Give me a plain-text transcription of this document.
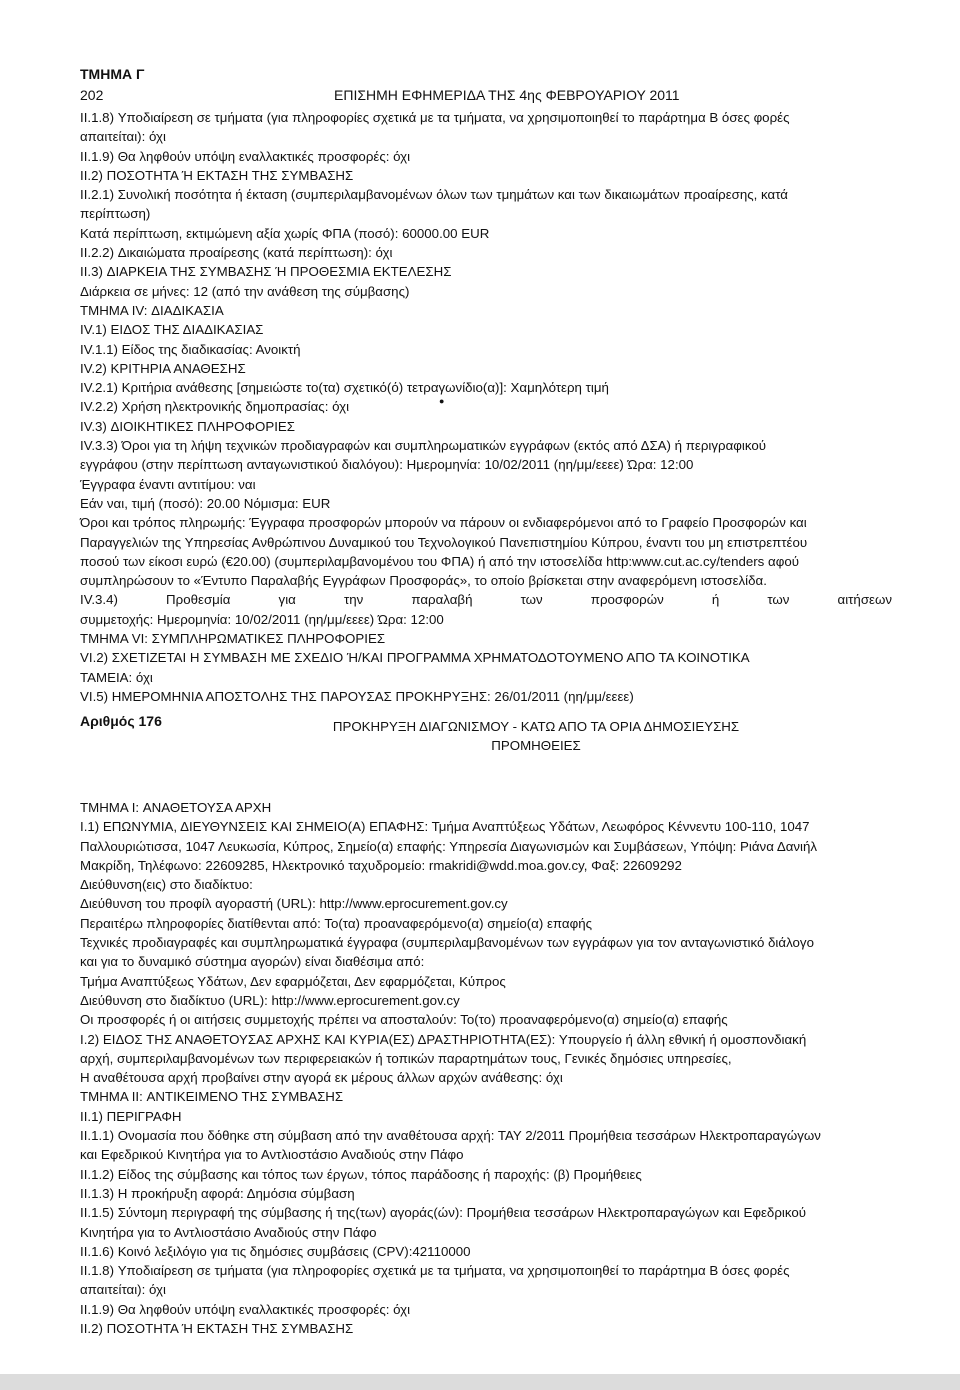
ΤΜΗΜΑ Γ
202	ΕΠΙΣΗΜΗ ΕΦΗΜΕΡΙΔΑ ΤΗΣ 4ης ΦΕΒΡΟΥΑΡΙΟΥ 2011

II.1.8) Υποδιαίρεση σε τμήματα (για πληροφορίες σχετικά με τα τμήματα, να χρησιμοποιηθεί το παράρτημα Β όσες φορές

απαιτείται): όχι

II.1.9) Θα ληφθούν υπόψη εναλλακτικές προσφορές: όχι

II.2) ΠΟΣΟΤΗΤΑ Ή ΕΚΤΑΣΗ ΤΗΣ ΣΥΜΒΑΣΗΣ

II.2.1) Συνολική ποσότητα ή έκταση (συμπεριλαμβανομένων όλων των τμημάτων και των δικαιωμάτων προαίρεσης, κατά

περίπτωση)

Κατά περίπτωση, εκτιμώμενη αξία χωρίς ΦΠΑ (ποσό): 60000.00 EUR

II.2.2) Δικαιώματα προαίρεσης (κατά περίπτωση): όχι

II.3) ΔΙΑΡΚΕΙΑ ΤΗΣ ΣΥΜΒΑΣΗΣ Ή ΠΡΟΘΕΣΜΙΑ ΕΚΤΕΛΕΣΗΣ

Διάρκεια σε μήνες: 12 (από την ανάθεση της σύμβασης)

ΤΜΗΜΑ IV: ΔΙΑΔΙΚΑΣΙΑ

IV.1) ΕΙΔΟΣ ΤΗΣ ΔΙΑΔΙΚΑΣΙΑΣ

IV.1.1) Είδος της διαδικασίας: Ανοικτή

IV.2) ΚΡΙΤΗΡΙΑ ΑΝΑΘΕΣΗΣ

IV.2.1) Κριτήρια ανάθεσης [σημειώστε το(τα) σχετικό(ό) τετραγωνίδιο(α)]: Χαμηλότερη τιμή

IV.2.2) Χρήση ηλεκτρονικής δημοπρασίας: όχι

IV.3) ΔΙΟΙΚΗΤΙΚΕΣ ΠΛΗΡΟΦΟΡΙΕΣ

IV.3.3) Όροι για τη λήψη τεχνικών προδιαγραφών και συμπληρωματικών εγγράφων (εκτός από ΔΣΑ) ή περιγραφικού

εγγράφου (στην περίπτωση ανταγωνιστικού διαλόγου): Ημερομηνία: 10/02/2011 (ηη/μμ/εεεε) Ώρα: 12:00

Έγγραφα έναντι αντιτίμου: ναι

Εάν ναι, τιμή (ποσό): 20.00 Νόμισμα: EUR

Όροι και τρόπος πληρωμής: Έγγραφα προσφορών μπορούν να πάρουν οι ενδιαφερόμενοι από το Γραφείο Προσφορών και

Παραγγελιών της Υπηρεσίας Ανθρώπινου Δυναμικού του Τεχνολογικού Πανεπιστημίου Κύπρου, έναντι του μη επιστρεπτέου

ποσού των είκοσι ευρώ (€20.00) (συμπεριλαμβανομένου του ΦΠΑ) ή από την ιστοσελίδα http:www.cut.ac.cy/tenders αφού

συμπληρώσουν το «Έντυπο Παραλαβής Εγγράφων Προσφοράς», το οποίο βρίσκεται στην αναφερόμενη ιστοσελίδα.

IV.3.4) Προθεσμία για την παραλαβή των προσφορών ή των αιτήσεων

συμμετοχής: Ημερομηνία: 10/02/2011 (ηη/μμ/εεεε) Ώρα: 12:00

ΤΜΗΜΑ VI: ΣΥΜΠΛΗΡΩΜΑΤΙΚΕΣ ΠΛΗΡΟΦΟΡΙΕΣ

VI.2) ΣΧΕΤΙΖΕΤΑΙ Η ΣΥΜΒΑΣΗ ΜΕ ΣΧΕΔΙΟ Ή/ΚΑΙ ΠΡΟΓΡΑΜΜΑ ΧΡΗΜΑΤΟΔΟΤΟΥΜΕΝΟ ΑΠΟ ΤΑ ΚΟΙΝΟΤΙΚΑ

ΤΑΜΕΙΑ: όχι

VI.5) ΗΜΕΡΟΜΗΝΙΑ ΑΠΟΣΤΟΛΗΣ ΤΗΣ ΠΑΡΟΥΣΑΣ ΠΡΟΚΗΡΥΞΗΣ: 26/01/2011 (ηη/μμ/εεεε)

●
Αριθμός 176	ΠΡΟΚΗΡΥΞΗ ΔΙΑΓΩΝΙΣΜΟΥ - ΚΑΤΩ ΑΠΟ ΤΑ ΟΡΙΑ ΔΗΜΟΣΙΕΥΣΗΣ

ΠΡΟΜΗΘΕΙΕΣ

ΤΜΗΜΑ I: ΑΝΑΘΕΤΟΥΣΑ ΑΡΧΗ

I.1) ΕΠΩΝΥΜΙΑ, ΔΙΕΥΘΥΝΣΕΙΣ ΚΑΙ ΣΗΜΕΙΟ(Α) ΕΠΑΦΗΣ: Τμήμα Αναπτύξεως Υδάτων, Λεωφόρος Κέννεντυ 100-110, 1047

Παλλουριώτισσα, 1047 Λευκωσία, Κύπρος, Σημείο(α) επαφής: Υπηρεσία Διαγωνισμών και Συμβάσεων, Υπόψη: Ριάνα Δανιήλ

Μακρίδη, Τηλέφωνο: 22609285, Ηλεκτρονικό ταχυδρομείο: rmakridi@wdd.moa.gov.cy, Φαξ: 22609292

Διεύθυνση(εις) στο διαδίκτυο:

Διεύθυνση του προφίλ αγοραστή (URL): http://www.eprocurement.gov.cy

Περαιτέρω πληροφορίες διατίθενται από: Το(τα) προαναφερόμενο(α) σημείο(α) επαφής

Τεχνικές προδιαγραφές και συμπληρωματικά έγγραφα (συμπεριλαμβανομένων των εγγράφων για τον ανταγωνιστικό διάλογο

και για το δυναμικό σύστημα αγορών) είναι διαθέσιμα από:

Τμήμα Αναπτύξεως Υδάτων, Δεν εφαρμόζεται, Δεν εφαρμόζεται, Κύπρος

Διεύθυνση στο διαδίκτυο (URL): http://www.eprocurement.gov.cy

Οι προσφορές ή οι αιτήσεις συμμετοχής πρέπει να αποσταλούν: Το(το) προαναφερόμενο(α) σημείο(α) επαφής

I.2) ΕΙΔΟΣ ΤΗΣ ΑΝΑΘΕΤΟΥΣΑΣ ΑΡΧΗΣ ΚΑΙ ΚΥΡΙΑ(ΕΣ) ΔΡΑΣΤΗΡΙΟΤΗΤΑ(ΕΣ): Υπουργείο ή άλλη εθνική ή ομοσπονδιακή

αρχή, συμπεριλαμβανομένων των περιφερειακών ή τοπικών παραρτημάτων τους, Γενικές δημόσιες υπηρεσίες,

Η αναθέτουσα αρχή προβαίνει στην αγορά εκ μέρους άλλων αρχών ανάθεσης: όχι

ΤΜΗΜΑ II: ΑΝΤΙΚΕΙΜΕΝΟ ΤΗΣ ΣΥΜΒΑΣΗΣ

II.1) ΠΕΡΙΓΡΑΦΗ

II.1.1) Ονομασία που δόθηκε στη σύμβαση από την αναθέτουσα αρχή: ΤΑΥ 2/2011 Προμήθεια τεσσάρων Ηλεκτροπαραγώγων

και Εφεδρικού Κινητήρα για το Αντλιοστάσιο Αναδιούς στην Πάφο

II.1.2) Είδος της σύμβασης και τόπος των έργων, τόπος παράδοσης ή παροχής: (β) Προμήθειες

II.1.3) Η προκήρυξη αφορά: Δημόσια σύμβαση

II.1.5) Σύντομη περιγραφή της σύμβασης ή της(των) αγοράς(ών): Προμήθεια τεσσάρων Ηλεκτροπαραγώγων και Εφεδρικού

Κινητήρα για το Αντλιοστάσιο Αναδιούς στην Πάφο

II.1.6) Κοινό λεξιλόγιο για τις δημόσιες συμβάσεις (CPV):42110000

II.1.8) Υποδιαίρεση σε τμήματα (για πληροφορίες σχετικά με τα τμήματα, να χρησιμοποιηθεί το παράρτημα Β όσες φορές

απαιτείται): όχι

II.1.9) Θα ληφθούν υπόψη εναλλακτικές προσφορές: όχι

II.2) ΠΟΣΟΤΗΤΑ Ή ΕΚΤΑΣΗ ΤΗΣ ΣΥΜΒΑΣΗΣ
